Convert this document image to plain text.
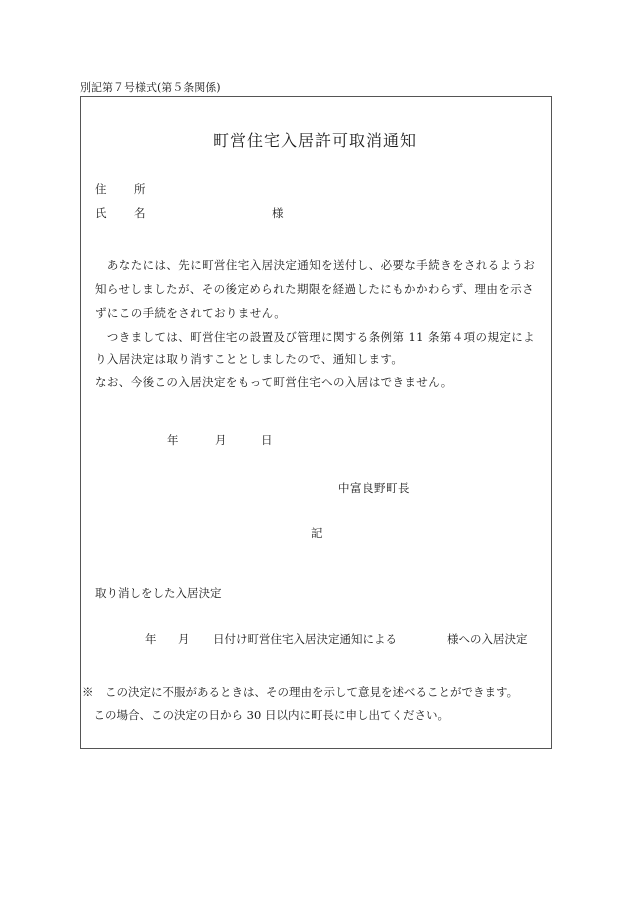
別記第７号様式(第５条関係)
町営住宅入居許可取消通知
住　所
氏　名	様
　あなたには、先に町営住宅入居決定通知を送付し、必要な手続きをされるようお
知らせしましたが、その後定められた期限を経過したにもかかわらず、理由を示さ
ずにこの手続をされておりません。
　つきましては、町営住宅の設置及び管理に関する条例第 11 条第４項の規定によ
り入居決定は取り消すこととしましたので、通知します。
なお、今後この入居決定をもって町営住宅への入居はできません。
年	月	日
中富良野町長
記
取り消しをした入居決定
年 月 日付け町営住宅入居決定通知による	様への入居決定
※　この決定に不服があるときは、その理由を示して意見を述べることができます。
　この場合、この決定の日から 30 日以内に町長に申し出てください。
